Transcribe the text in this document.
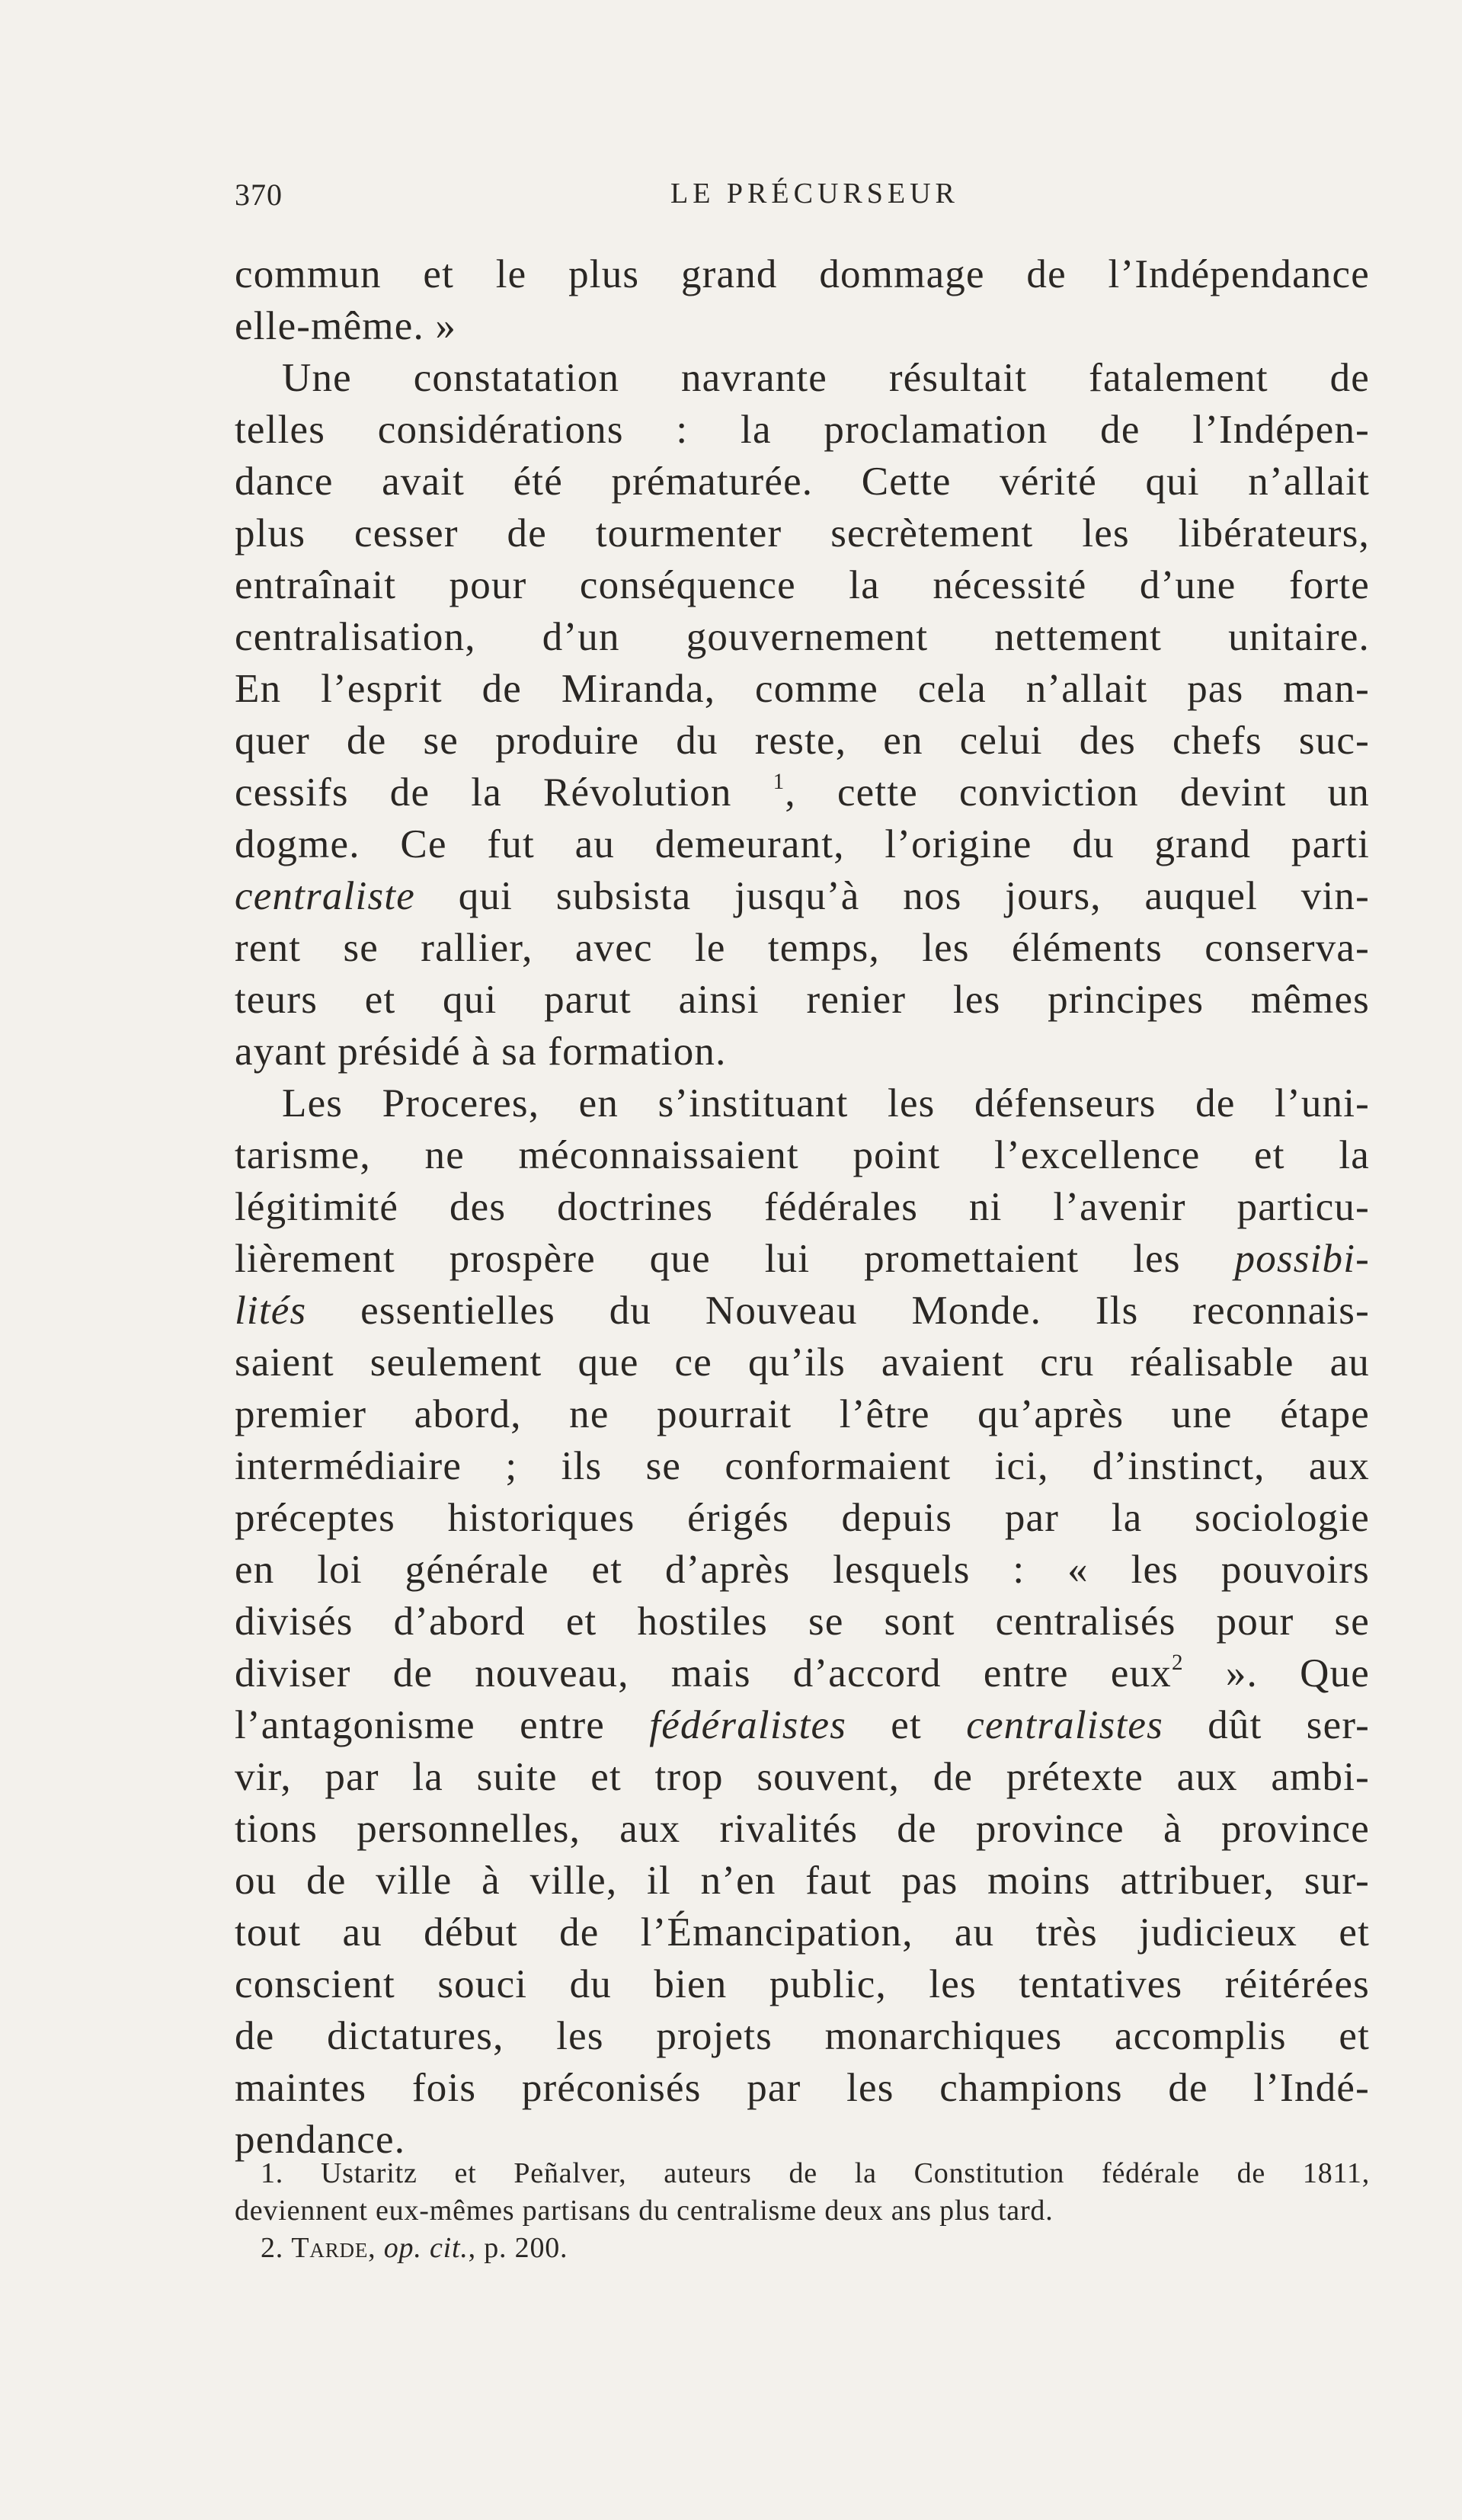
370	LE PRÉCURSEUR
commun et le plus grand dommage de l’Indépendance
elle-même. »
Une constatation navrante résultait fatalement de
telles considérations : la proclamation de l’Indépen-
dance avait été prématurée. Cette vérité qui n’allait
plus cesser de tourmenter secrètement les libérateurs,
entraînait pour conséquence la nécessité d’une forte
centralisation, d’un gouvernement nettement unitaire.
En l’esprit de Miranda, comme cela n’allait pas man-
quer de se produire du reste, en celui des chefs suc-
cessifs de la Révolution $^1$, cette conviction devint un
dogme. Ce fut au demeurant, l’origine du grand parti
centraliste qui subsista jusqu’à nos jours, auquel vin-
rent se rallier, avec le temps, les éléments conserva-
teurs et qui parut ainsi renier les principes mêmes
ayant présidé à sa formation.
Les Proceres, en s’instituant les défenseurs de l’uni-
tarisme, ne méconnaissaient point l’excellence et la
légitimité des doctrines fédérales ni l’avenir particu-
lièrement prospère que lui promettaient les possibi-
lités essentielles du Nouveau Monde. Ils reconnais-
saient seulement que ce qu’ils avaient cru réalisable au
premier abord, ne pourrait l’être qu’après une étape
intermédiaire ; ils se conformaient ici, d’instinct, aux
préceptes historiques érigés depuis par la sociologie
en loi générale et d’après lesquels : « les pouvoirs
divisés d’abord et hostiles se sont centralisés pour se
diviser de nouveau, mais d’accord entre eux$^2$ ». Que
l’antagonisme entre fédéralistes et centralistes dût ser-
vir, par la suite et trop souvent, de prétexte aux ambi-
tions personnelles, aux rivalités de province à province
ou de ville à ville, il n’en faut pas moins attribuer, sur-
tout au début de l’Émancipation, au très judicieux et
conscient souci du bien public, les tentatives réitérées
de dictatures, les projets monarchiques accomplis et
maintes fois préconisés par les champions de l’Indé-
pendance.
1. Ustaritz et Peñalver, auteurs de la Constitution fédérale de 1811,
deviennent eux-mêmes partisans du centralisme deux ans plus tard.
2. Tarde, op. cit., p. 200.
